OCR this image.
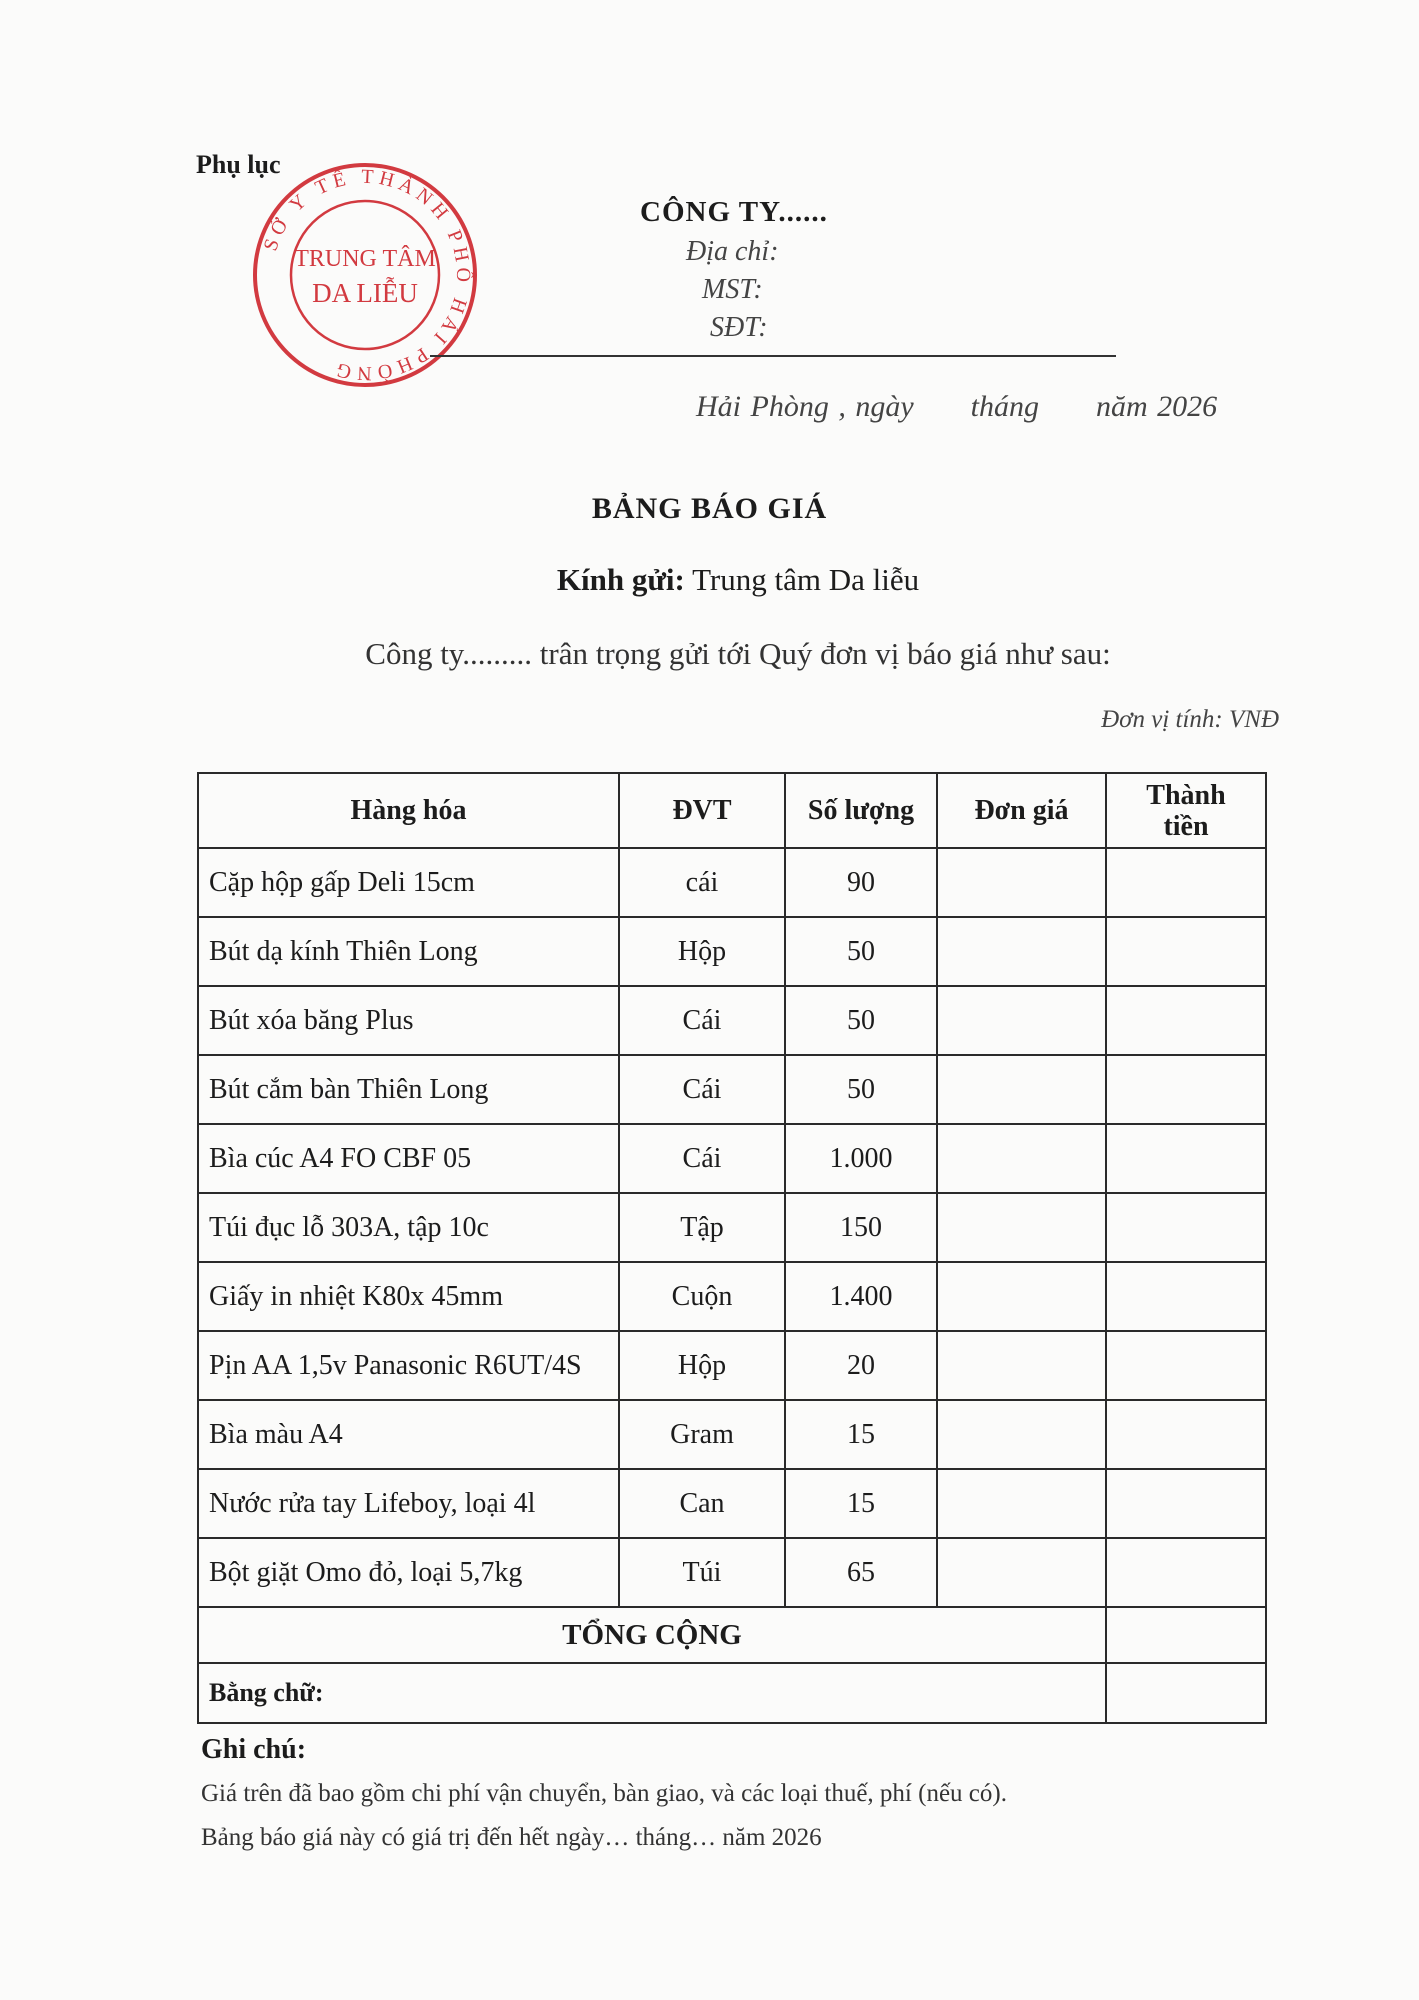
Phụ lục
SỞ Y TẾ THÀNH PHỐ HẢI PHÒNG
TRUNG TÂM
DA LIỄU
CÔNG TY......
Địa chỉ:
MST:
SĐT:
Hải Phòng , ngày      tháng      năm 2026
BẢNG BÁO GIÁ
Kính gửi: Trung tâm Da liễu
Công ty......... trân trọng gửi tới Quý đơn vị báo giá như sau:
Đơn vị tính: VNĐ
Hàng hóa	ĐVT	Số lượng	Đơn giá	Thành
tiền
Cặp hộp gấp Deli 15cm	cái	90		
Bút dạ kính Thiên Long	Hộp	50		
Bút xóa băng Plus	Cái	50		
Bút cắm bàn Thiên Long	Cái	50		
Bìa cúc A4 FO CBF 05	Cái	1.000		
Túi đục lỗ 303A, tập 10c	Tập	150		
Giấy in nhiệt K80x 45mm	Cuộn	1.400		
Pịn AA 1,5v Panasonic R6UT/4S	Hộp	20		
Bìa màu A4	Gram	15		
Nước rửa tay Lifeboy, loại 4l	Can	15		
Bột giặt Omo đỏ, loại 5,7kg	Túi	65		
TỔNG CỘNG				
Bằng chữ:				
Ghi chú:
Giá trên đã bao gồm chi phí vận chuyển, bàn giao, và các loại thuế, phí (nếu có).
Bảng báo giá này có giá trị đến hết ngày… tháng… năm 2026
